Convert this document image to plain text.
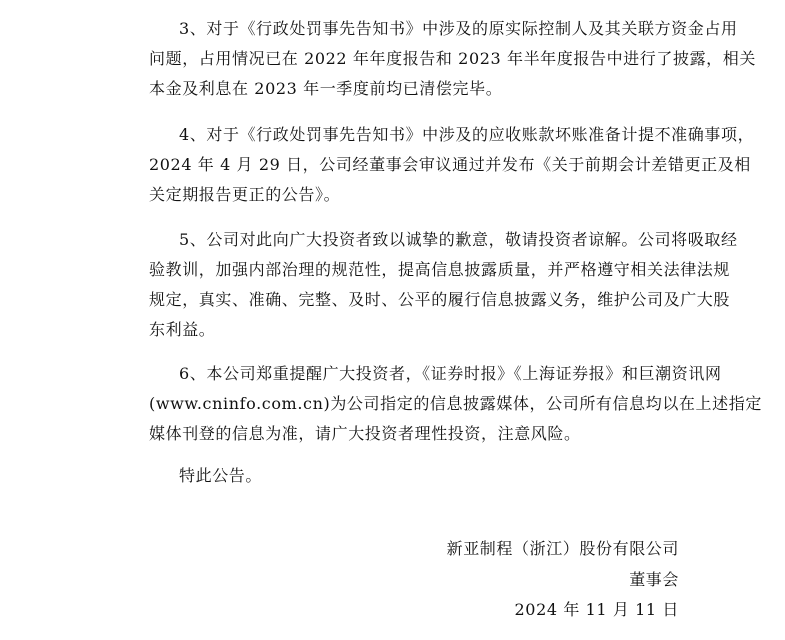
3、对于《行政处罚事先告知书》中涉及的原实际控制人及其关联方资金占用
问题，占用情况已在 2022 年年度报告和 2023 年半年度报告中进行了披露，相关
本金及利息在 2023 年一季度前均已清偿完毕。
4、对于《行政处罚事先告知书》中涉及的应收账款坏账准备计提不准确事项，
2024 年 4 月 29 日，公司经董事会审议通过并发布《关于前期会计差错更正及相
关定期报告更正的公告》。
5、公司对此向广大投资者致以诚挚的歉意，敬请投资者谅解。公司将吸取经
验教训，加强内部治理的规范性，提高信息披露质量，并严格遵守相关法律法规
规定，真实、准确、完整、及时、公平的履行信息披露义务，维护公司及广大股
东利益。
6、本公司郑重提醒广大投资者，《证券时报》《上海证券报》和巨潮资讯网
(www.cninfo.com.cn)为公司指定的信息披露媒体，公司所有信息均以在上述指定
媒体刊登的信息为准，请广大投资者理性投资，注意风险。
特此公告。
新亚制程（浙江）股份有限公司
董事会
2024 年 11 月 11 日
